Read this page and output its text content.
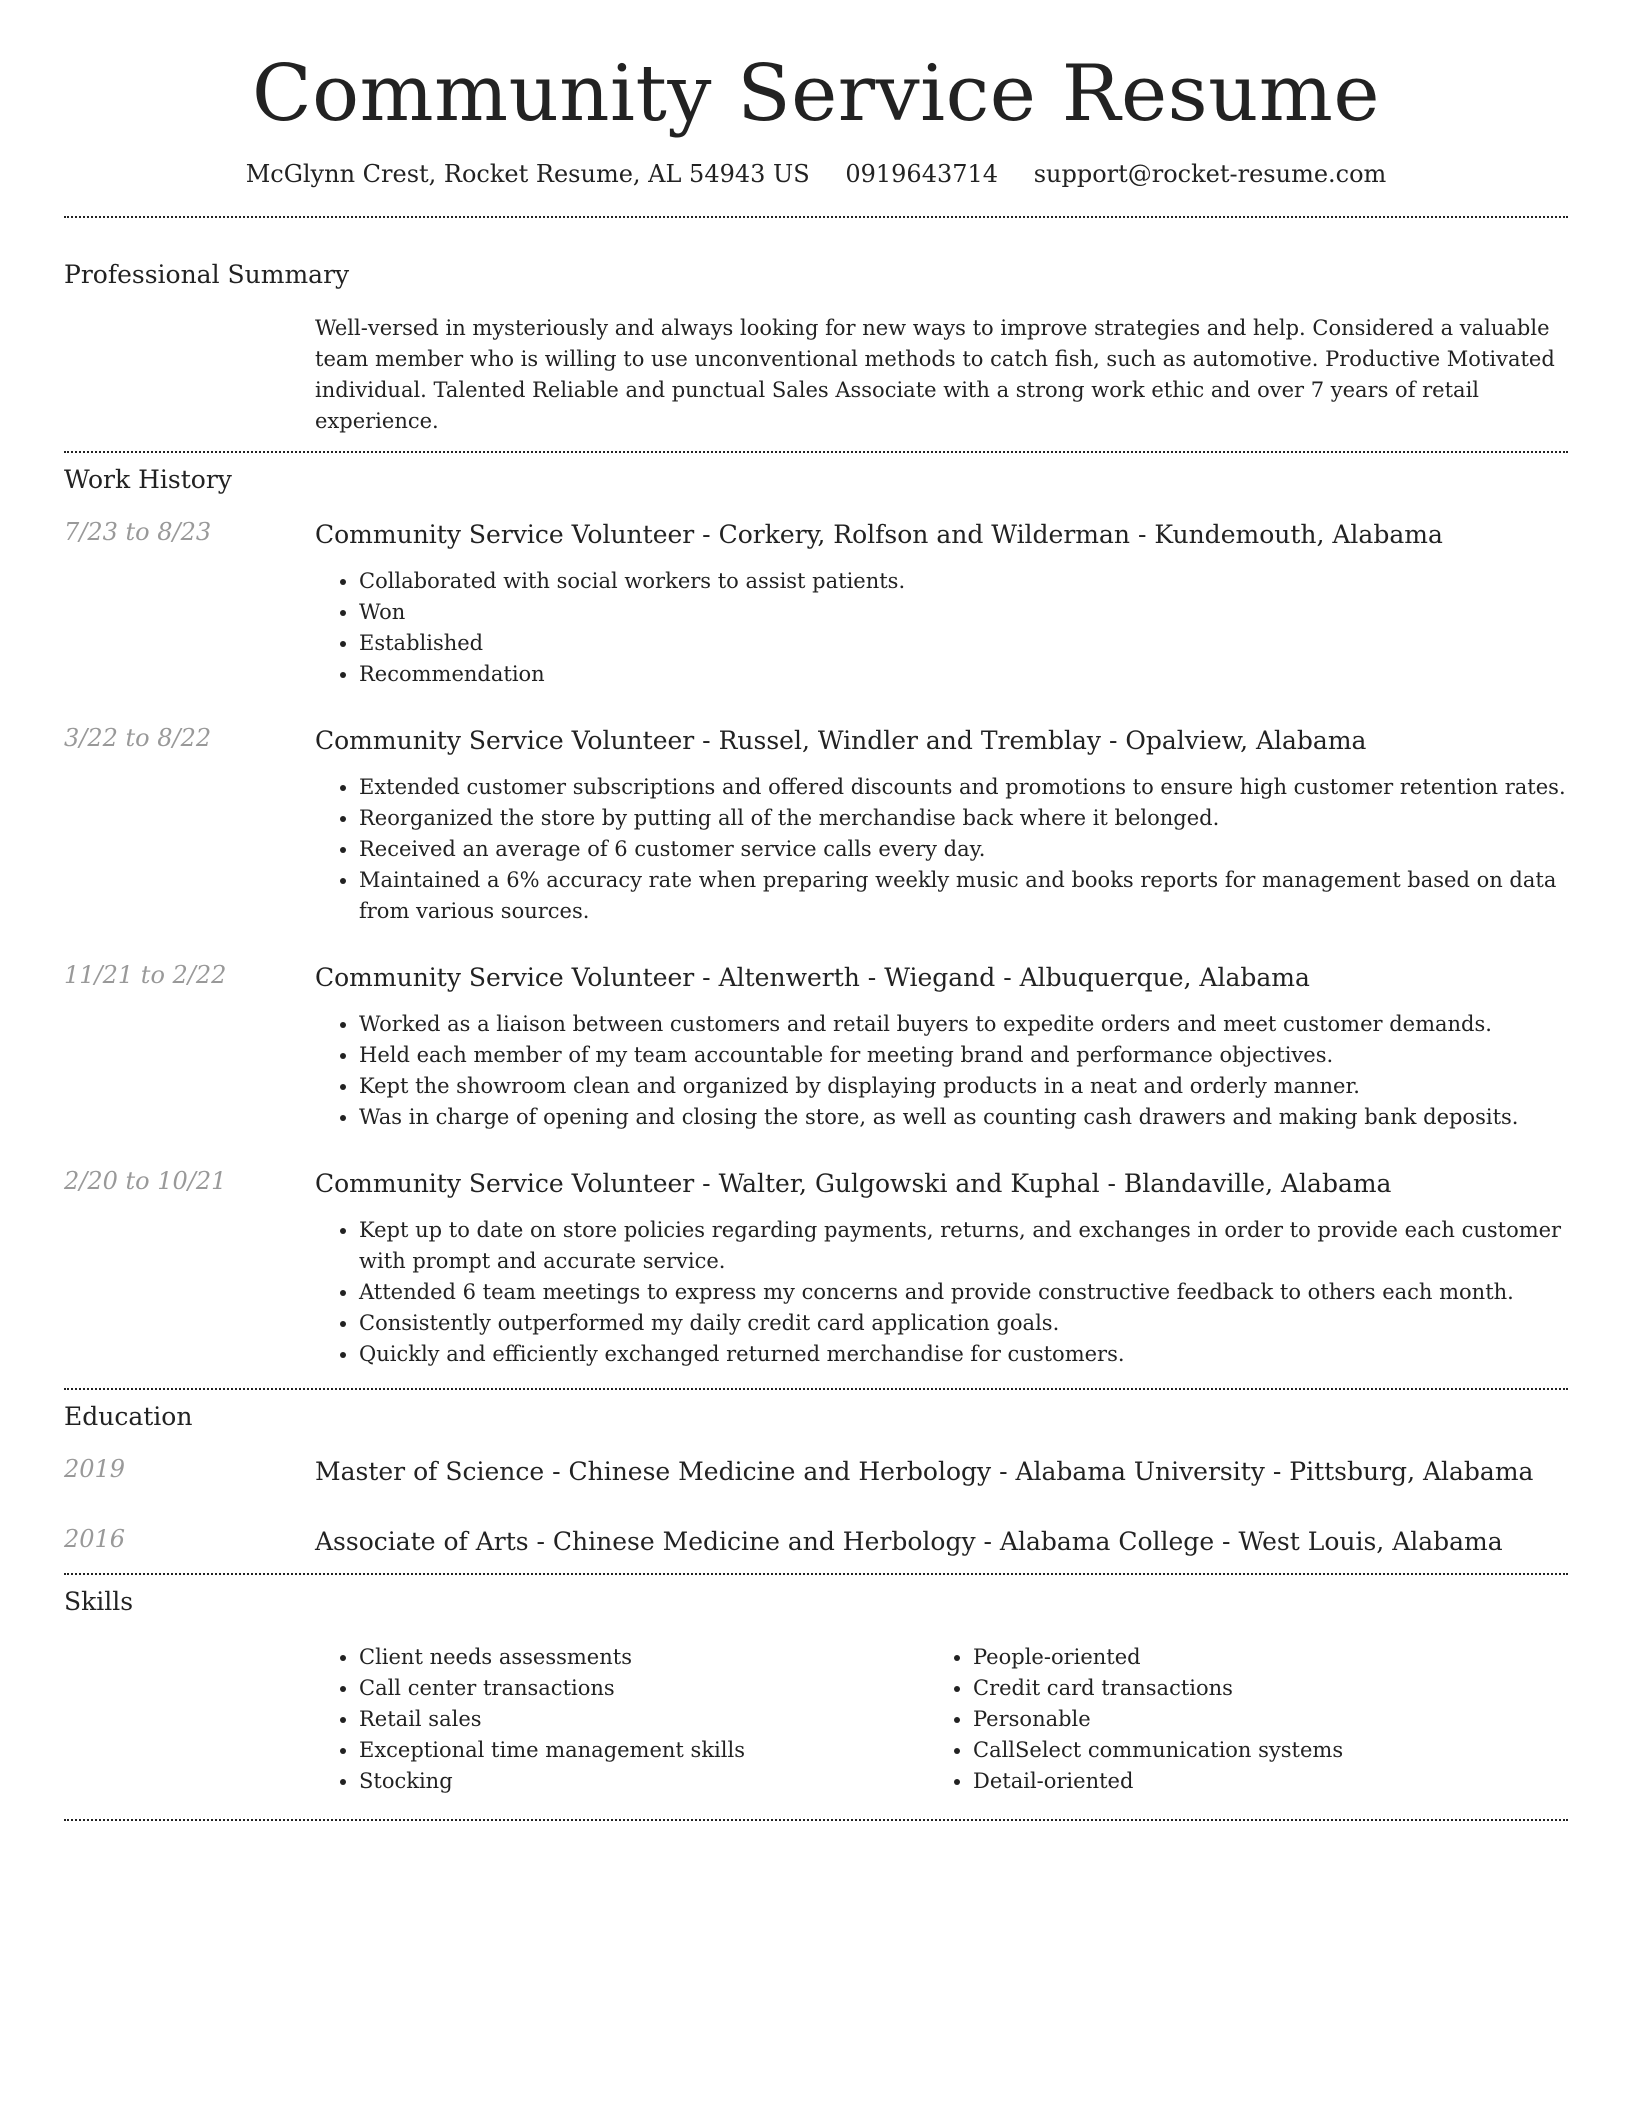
Community Service Resume
McGlynn Crest, Rocket Resume, AL 54943 US 0919643714 support@rocket-resume.com
Professional Summary

Well-versed in mysteriously and always looking for new ways to improve strategies and help. Considered a valuable team member who is willing to use unconventional methods to catch fish, such as automotive. Productive Motivated individual. Talented Reliable and punctual Sales Associate with a strong work ethic and over 7 years of retail experience.

Work History
7/23 to 8/23	Community Service Volunteer - Corkery, Rolfson and Wilderman - Kundemouth, Alabama

• Collaborated with social workers to assist patients.
• Won
• Established
• Recommendation
3/22 to 8/22	Community Service Volunteer - Russel, Windler and Tremblay - Opalview, Alabama

• Extended customer subscriptions and offered discounts and promotions to ensure high customer retention rates.
• Reorganized the store by putting all of the merchandise back where it belonged.
• Received an average of 6 customer service calls every day.
• Maintained a 6% accuracy rate when preparing weekly music and books reports for management based on data from various sources.
11/21 to 2/22	Community Service Volunteer - Altenwerth - Wiegand - Albuquerque, Alabama

• Worked as a liaison between customers and retail buyers to expedite orders and meet customer demands.
• Held each member of my team accountable for meeting brand and performance objectives.
• Kept the showroom clean and organized by displaying products in a neat and orderly manner.
• Was in charge of opening and closing the store, as well as counting cash drawers and making bank deposits.
2/20 to 10/21	Community Service Volunteer - Walter, Gulgowski and Kuphal - Blandaville, Alabama

• Kept up to date on store policies regarding payments, returns, and exchanges in order to provide each customer with prompt and accurate service.
• Attended 6 team meetings to express my concerns and provide constructive feedback to others each month.
• Consistently outperformed my daily credit card application goals.
• Quickly and efficiently exchanged returned merchandise for customers.
Education
2019	Master of Science - Chinese Medicine and Herbology - Alabama University - Pittsburg, Alabama

2016	Associate of Arts - Chinese Medicine and Herbology - Alabama College - West Louis, Alabama

Skills
• Client needs assessments
• Call center transactions
• Retail sales
• Exceptional time management skills
• Stocking
• People-oriented
• Credit card transactions
• Personable
• CallSelect communication systems
• Detail-oriented
